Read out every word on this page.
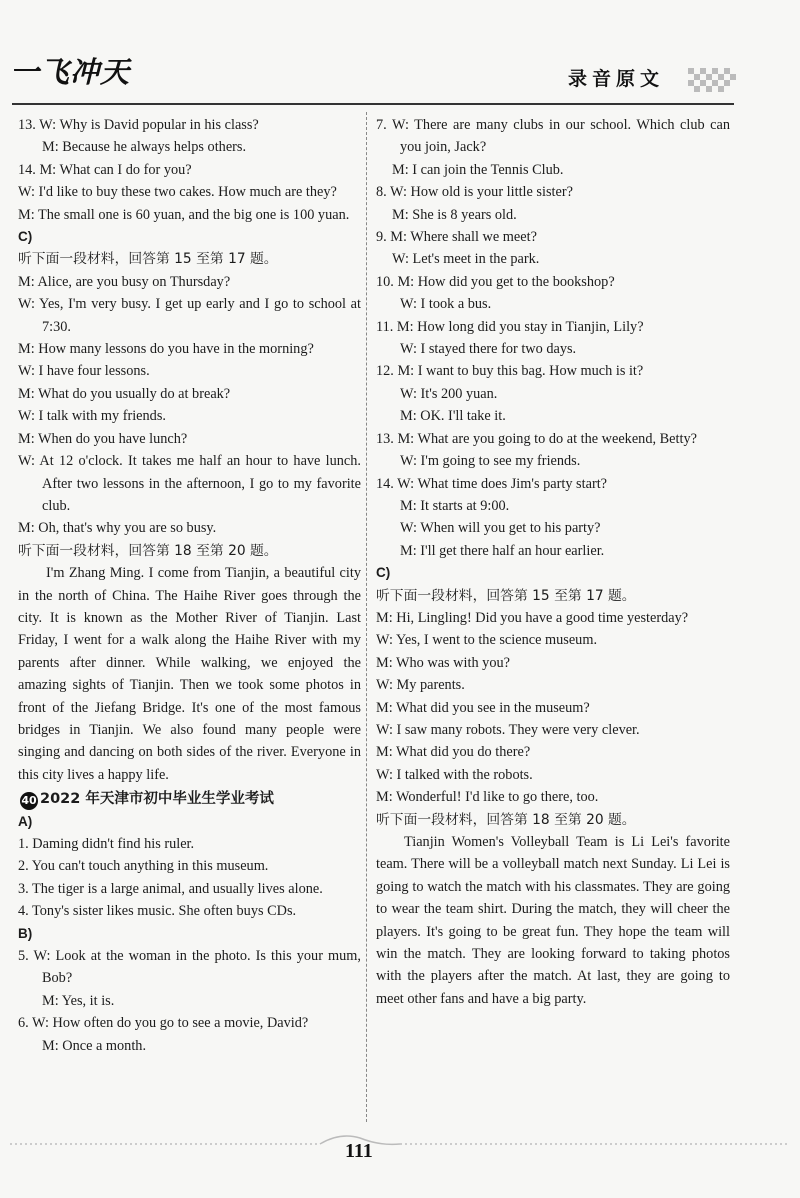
一飞冲天	录音原文
13. W: Why is David popular in his class?
M: Because he always helps others.
14. M: What can I do for you?
W: I'd like to buy these two cakes. How much are they?
M: The small one is 60 yuan, and the big one is 100 yuan.
C)
听下面一段材料，回答第 15 至第 17 题。
M: Alice, are you busy on Thursday?
W: Yes, I'm very busy. I get up early and I go to school at 7:30.
M: How many lessons do you have in the morning?
W: I have four lessons.
M: What do you usually do at break?
W: I talk with my friends.
M: When do you have lunch?
W: At 12 o'clock. It takes me half an hour to have lunch. After two lessons in the afternoon, I go to my favorite club.
M: Oh, that's why you are so busy.
听下面一段材料，回答第 18 至第 20 题。
I'm Zhang Ming. I come from Tianjin, a beautiful city in the north of China. The Haihe River goes through the city. It is known as the Mother River of Tianjin. Last Friday, I went for a walk along the Haihe River with my parents after dinner. While walking, we enjoyed the amazing sights of Tianjin. Then we took some photos in front of the Jiefang Bridge. It's one of the most famous bridges in Tianjin. We also found many people were singing and dancing on both sides of the river. Everyone in this city lives a happy life.
40 2022 年天津市初中毕业生学业考试
A)
1. Daming didn't find his ruler.
2. You can't touch anything in this museum.
3. The tiger is a large animal, and usually lives alone.
4. Tony's sister likes music. She often buys CDs.
B)
5. W: Look at the woman in the photo. Is this your mum, Bob?
M: Yes, it is.
6. W: How often do you go to see a movie, David?
M: Once a month.
7. W: There are many clubs in our school. Which club can you join, Jack?
M: I can join the Tennis Club.
8. W: How old is your little sister?
M: She is 8 years old.
9. M: Where shall we meet?
W: Let's meet in the park.
10. M: How did you get to the bookshop?
W: I took a bus.
11. M: How long did you stay in Tianjin, Lily?
W: I stayed there for two days.
12. M: I want to buy this bag. How much is it?
W: It's 200 yuan.
M: OK. I'll take it.
13. M: What are you going to do at the weekend, Betty?
W: I'm going to see my friends.
14. W: What time does Jim's party start?
M: It starts at 9:00.
W: When will you get to his party?
M: I'll get there half an hour earlier.
C)
听下面一段材料，回答第 15 至第 17 题。
M: Hi, Lingling! Did you have a good time yesterday?
W: Yes, I went to the science museum.
M: Who was with you?
W: My parents.
M: What did you see in the museum?
W: I saw many robots. They were very clever.
M: What did you do there?
W: I talked with the robots.
M: Wonderful! I'd like to go there, too.
听下面一段材料，回答第 18 至第 20 题。
Tianjin Women's Volleyball Team is Li Lei's favorite team. There will be a volleyball match next Sunday. Li Lei is going to watch the match with his classmates. They are going to wear the team shirt. During the match, they will cheer the players. It's going to be great fun. They hope the team will win the match. They are looking forward to taking photos with the players after the match. At last, they are going to meet other fans and have a big party.
111
